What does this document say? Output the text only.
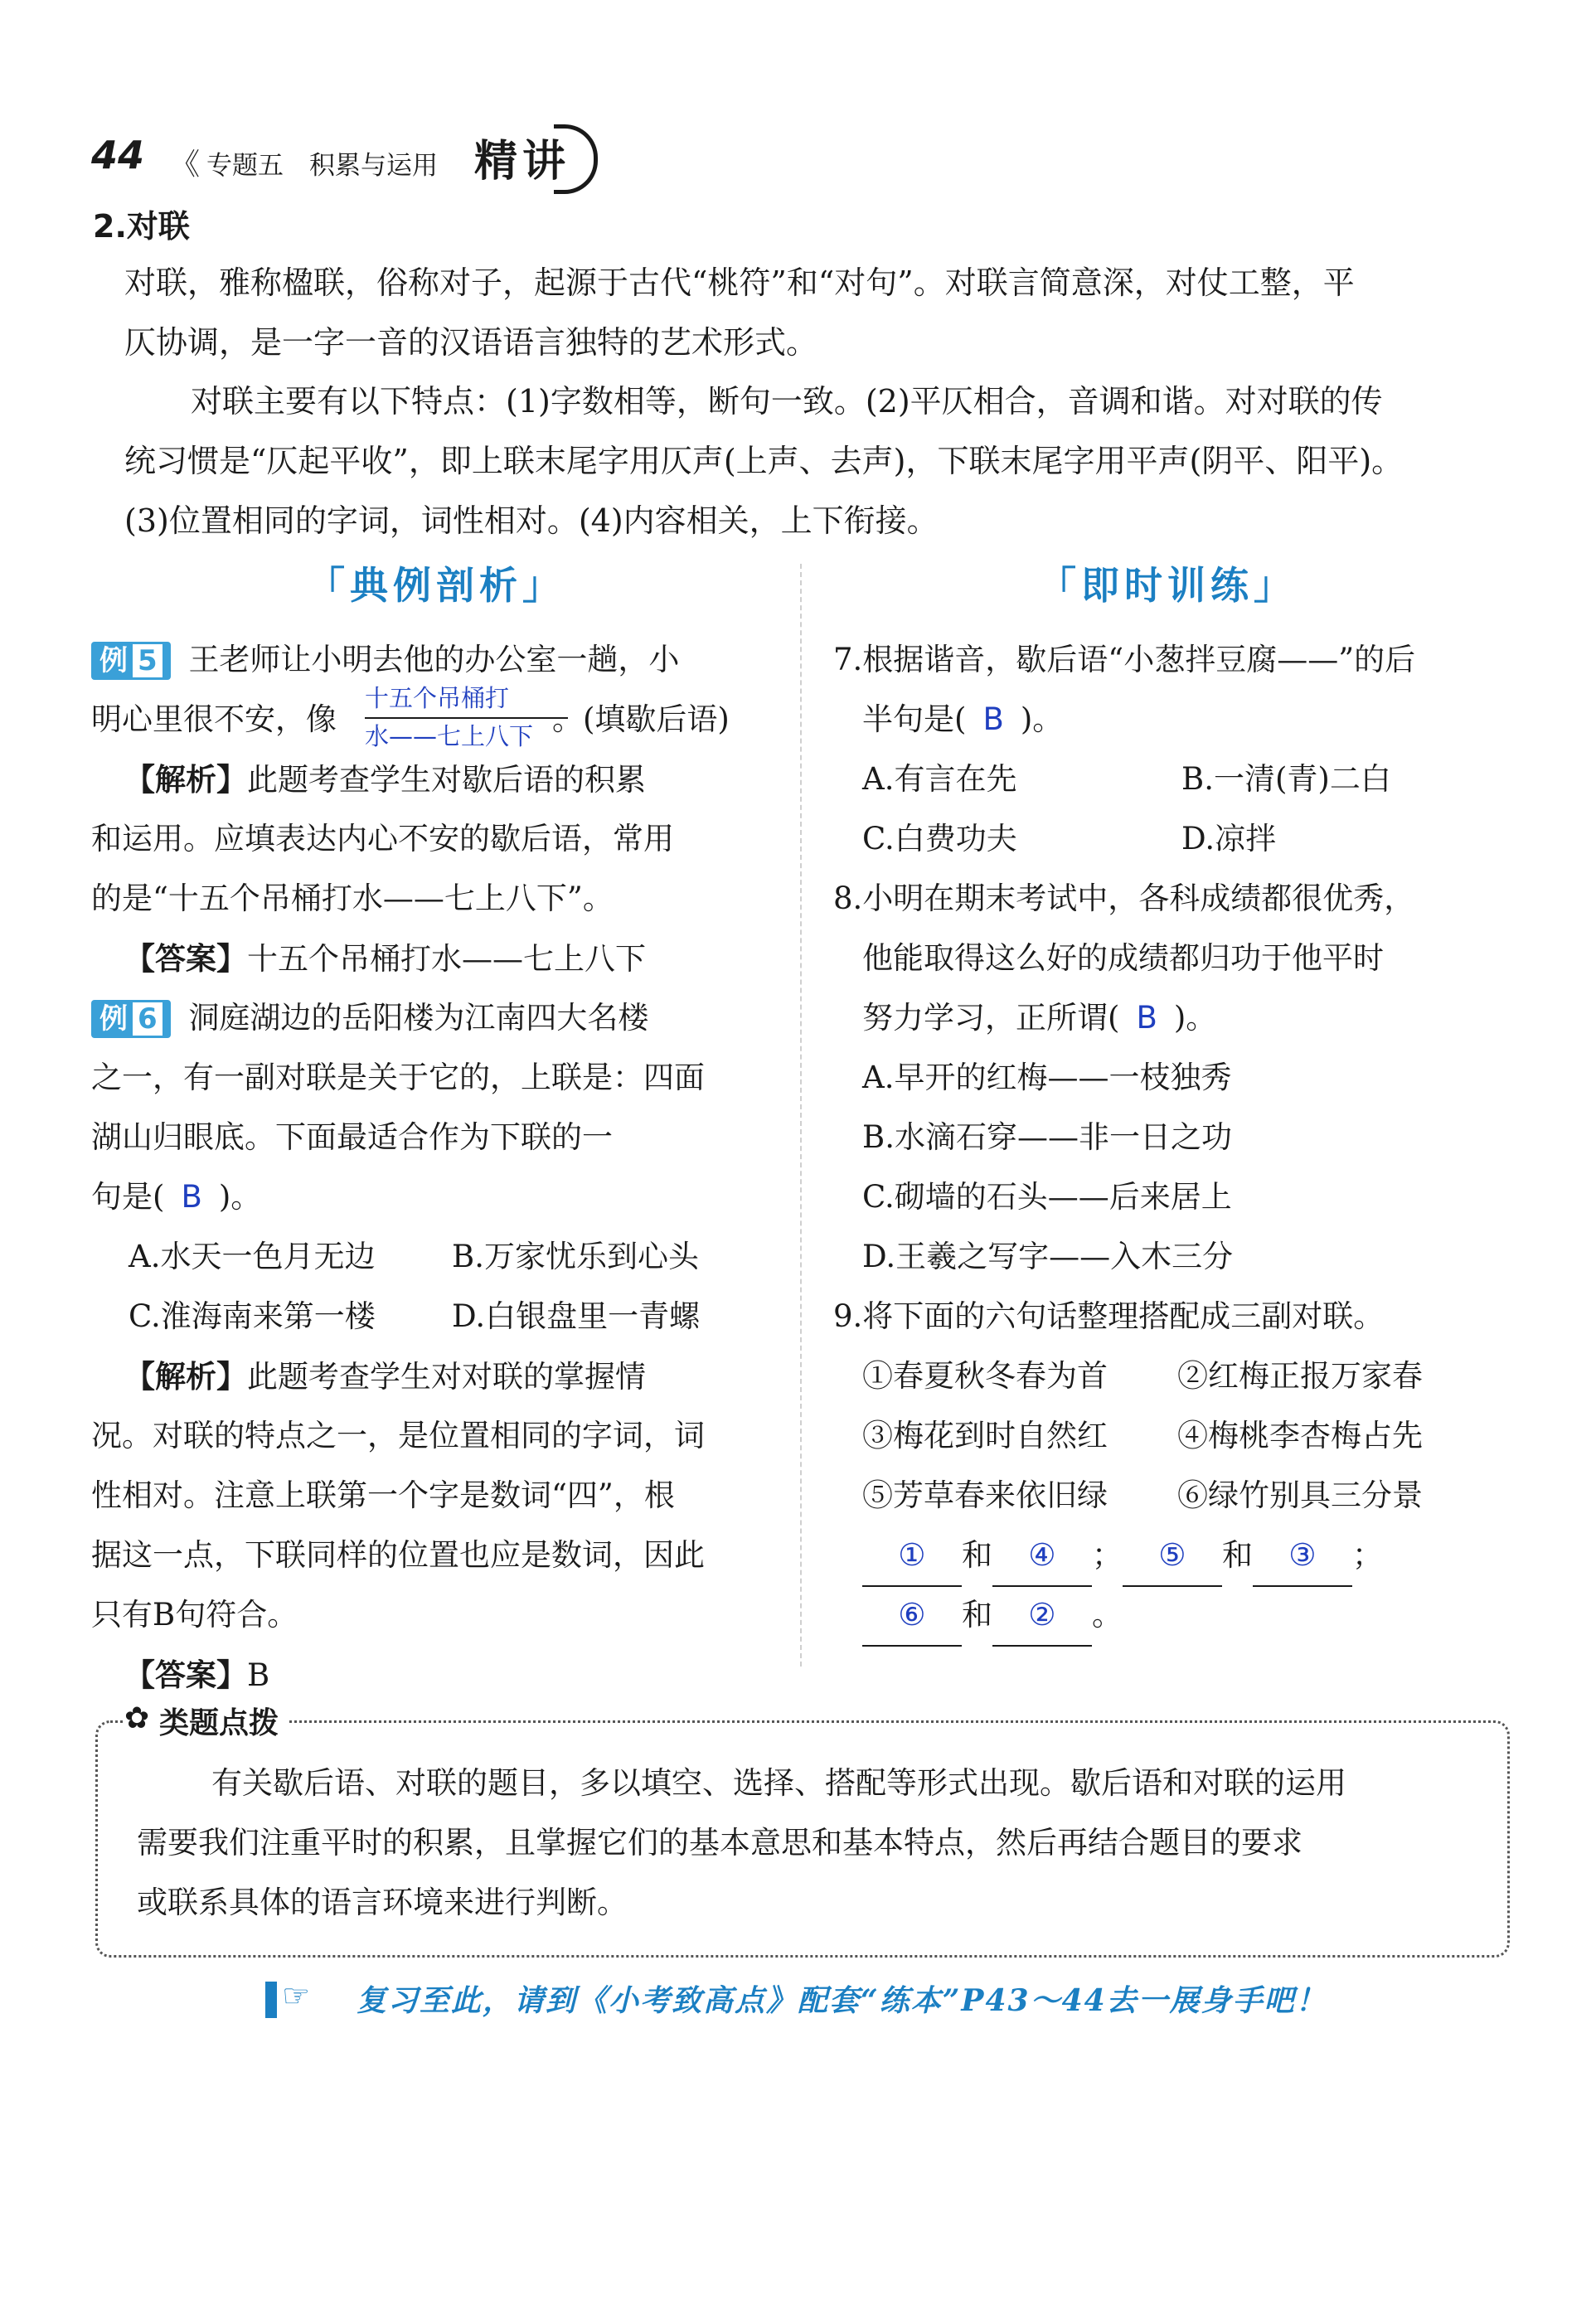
44 《 专题五　积累与运用 精讲
2.对联
对联，雅称楹联，俗称对子，起源于古代“桃符”和“对句”。对联言简意深，对仗工整，平
仄协调，是一字一音的汉语语言独特的艺术形式。
对联主要有以下特点：(1)字数相等，断句一致。(2)平仄相合，音调和谐。对对联的传
统习惯是“仄起平收”，即上联末尾字用仄声(上声、去声)，下联末尾字用平声(阴平、阳平)。
(3)位置相同的字词，词性相对。(4)内容相关，上下衔接。
「典例剖析」
例 5 王老师让小明去他的办公室一趟，小
明心里很不安，像	。(填歇后语)
十五个吊桶打
水——七上八下
【解析】此题考查学生对歇后语的积累
和运用。应填表达内心不安的歇后语，常用
的是“十五个吊桶打水——七上八下”。
【答案】十五个吊桶打水——七上八下
例 6 洞庭湖边的岳阳楼为江南四大名楼
之一，有一副对联是关于它的，上联是：四面
湖山归眼底。下面最适合作为下联的一
句是( B )。
A.水天一色月无边	B.万家忧乐到心头
C.淮海南来第一楼 D.白银盘里一青螺
【解析】此题考查学生对对联的掌握情
况。对联的特点之一，是位置相同的字词，词
性相对。注意上联第一个字是数词“四”，根
据这一点，下联同样的位置也应是数词，因此
只有B句符合。
【答案】B
「即时训练」
7.根据谐音，歇后语“小葱拌豆腐——”的后
半句是( B )。
A.有言在先	B.一清(青)二白
C.白费功夫	D.凉拌
8.小明在期末考试中，各科成绩都很优秀，
他能取得这么好的成绩都归功于他平时
努力学习，正所谓( B )。
A.早开的红梅——一枝独秀
B.水滴石穿——非一日之功
C.砌墙的石头——后来居上
D.王羲之写字——入木三分
9.将下面的六句话整理搭配成三副对联。
①春夏秋冬春为首 ②红梅正报万家春
③梅花到时自然红 ④梅桃李杏梅占先
⑤芳草春来依旧绿 ⑥绿竹别具三分景
① 和 ④ ； ⑤ 和 ③ ；
⑥ 和 ② 。
✿ 类题点拨
有关歇后语、对联的题目，多以填空、选择、搭配等形式出现。歇后语和对联的运用
需要我们注重平时的积累，且掌握它们的基本意思和基本特点，然后再结合题目的要求
或联系具体的语言环境来进行判断。
☞ 复习至此，请到《小考致高点》配套“练本”P43～44去一展身手吧！
